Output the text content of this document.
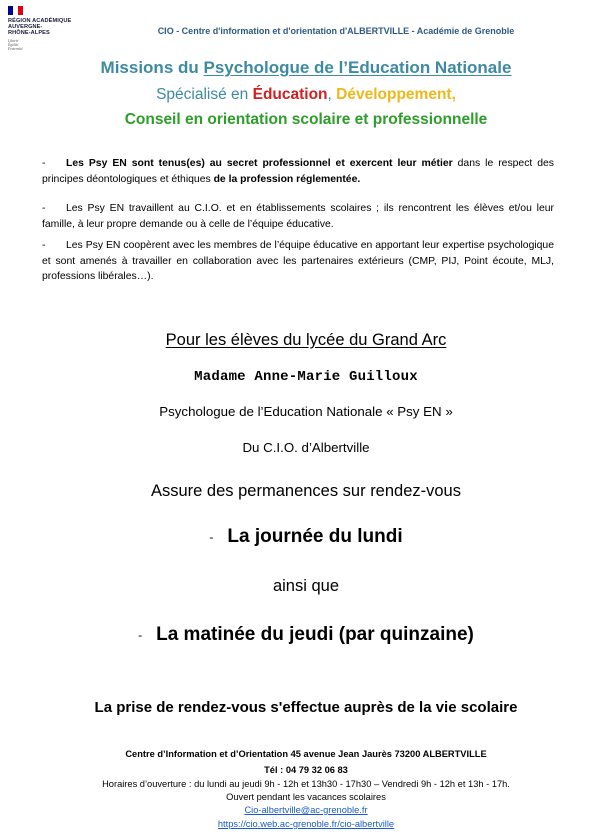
RÉGION ACADÉMIQUE
AUVERGNE-
RHÔNE-ALPES
Liberté
Égalité
Fraternité
CIO - Centre d'information et d'orientation d'ALBERTVILLE - Académie de Grenoble
Missions du Psychologue de l’Education Nationale
Spécialisé en Éducation, Développement,
Conseil en orientation scolaire et professionnelle
- Les Psy EN sont tenus(es) au secret professionnel et exercent leur métier dans le respect des principes déontologiques et éthiques de la profession réglementée.
- Les Psy EN travaillent au C.I.O. et en établissements scolaires ; ils rencontrent les élèves et/ou leur famille, à leur propre demande ou à celle de l’équipe éducative.
- Les Psy EN coopèrent avec les membres de l’équipe éducative en apportant leur expertise psychologique et sont amenés à travailler en collaboration avec les partenaires extérieurs (CMP, PIJ, Point écoute, MLJ, professions libérales…).
Pour les élèves du lycée du Grand Arc
Madame Anne-Marie Guilloux
Psychologue de l’Education Nationale « Psy EN »
Du C.I.O. d’Albertville
Assure des permanences sur rendez-vous
- La journée du lundi
ainsi que
- La matinée du jeudi (par quinzaine)
La prise de rendez-vous s'effectue auprès de la vie scolaire
Centre d’Information et d’Orientation 45 avenue Jean Jaurès 73200 ALBERTVILLE
Tél : 04 79 32 06 83
Horaires d’ouverture : du lundi au jeudi 9h - 12h et 13h30 - 17h30 – Vendredi 9h - 12h et 13h - 17h.
Ouvert pendant les vacances scolaires
Cio-albertville@ac-grenoble.fr
https://cio.web.ac-grenoble.fr/cio-albertville
